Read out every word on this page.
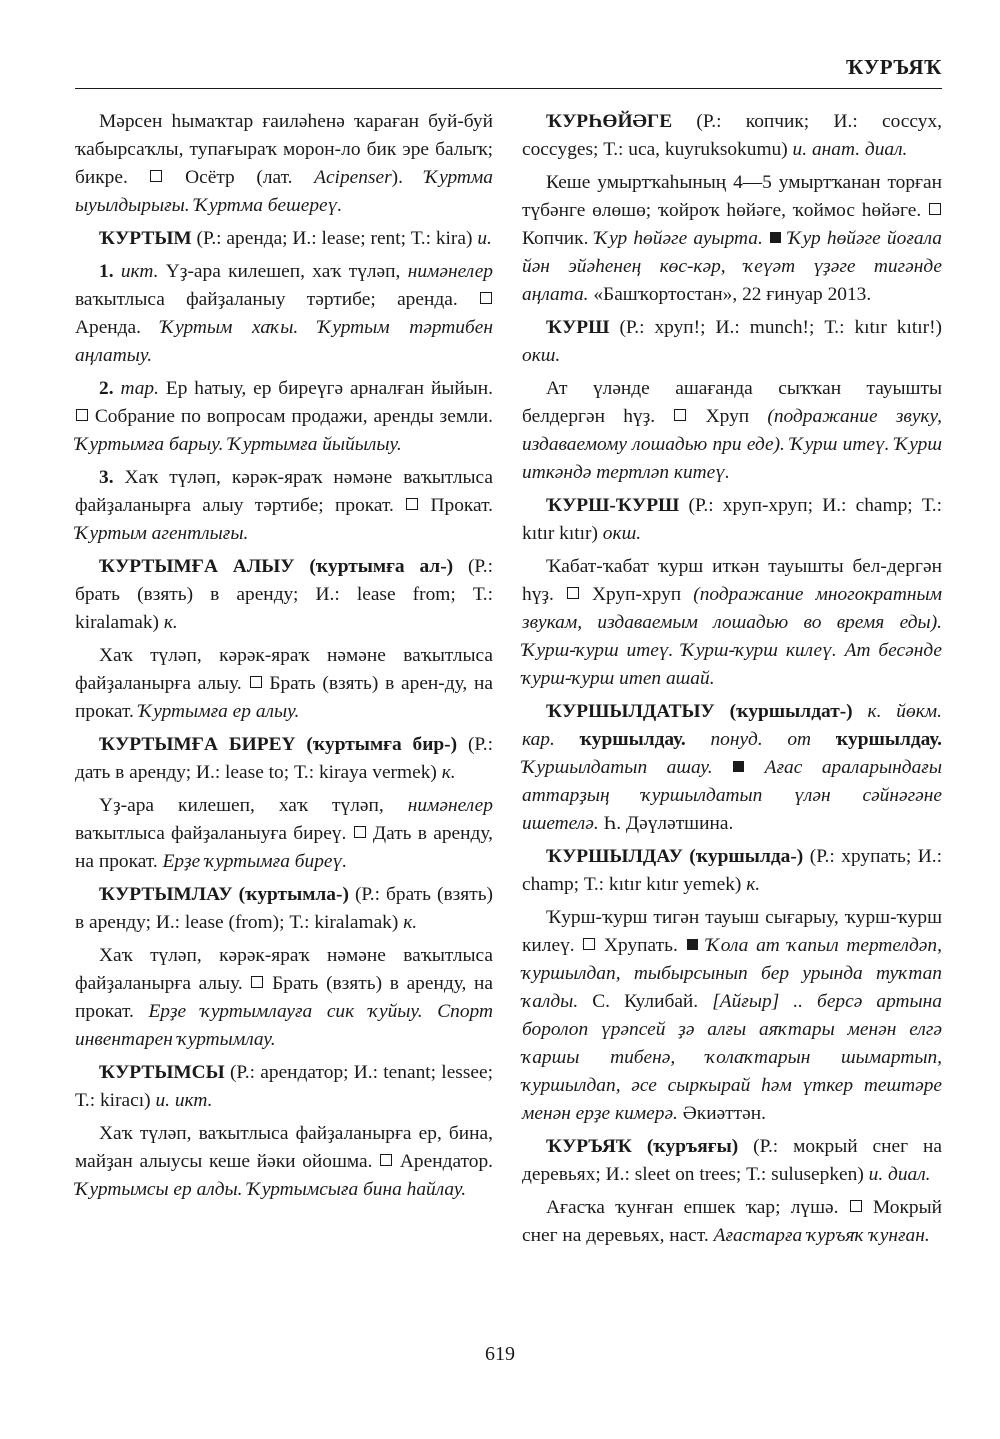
ҠУРЪЯҠ

Мәрсен һымаҡтар ғаиләһенә ҡараған буй-буй ҡабырсаҡлы, тупағыраҡ морон-ло бик эре балыҡ; бикре.	Осётр (лат. Acipenser). Ҡуртма ыуылдырығы. Ҡуртма бешереү.

ҠУРТЫМ (Р.: аренда; И.: lease; rent; Т.: kira) и.

1. икт. Үҙ-ара килешеп, хаҡ түләп, нимәнелер ваҡытлыса файҙаланыу тәртибе; аренда.  Аренда. Ҡуртым хаҡы. Ҡуртым тәртибен аңлатыу.

2. тар. Ер һатыу, ер биреүгә арналған йыйын.  Собрание по вопросам продажи, аренды земли. Ҡуртымға барыу. Ҡуртымға йыйылыу.

3. Хаҡ түләп, кәрәк-яраҡ нәмәне ваҡытлыса файҙаланырға алыу тәртибе; прокат. Прокат. Ҡуртым агентлығы.

ҠУРТЫМҒА АЛЫУ (ҡуртымға ал-) (Р.: брать (взять) в аренду; И.: lease from; Т.: kiralamak) к.

Хаҡ түләп, кәрәк-яраҡ нәмәне ваҡытлыса файҙаланырға алыу. Брать (взять) в арен-ду, на прокат. Ҡуртымға ер алыу.

ҠУРТЫМҒА БИРЕҮ (ҡуртымға бир-) (Р.: дать в аренду; И.: lease to; Т.: kiraya vermek) к.

Үҙ-ара килешеп, хаҡ түләп, нимәнелер ваҡытлыса файҙаланыуға биреү. Дать в аренду, на прокат. Ерҙе ҡуртымға биреү.

ҠУРТЫМЛАУ (ҡуртымла-) (Р.: брать (взять) в аренду; И.: lease (from); Т.: kiralamak) к.

Хаҡ түләп, кәрәк-яраҡ нәмәне ваҡытлыса файҙаланырға алыу. Брать (взять) в аренду, на прокат. Ерҙе ҡуртымлауға сик ҡуйыу. Спорт инвентарен ҡуртымлау.

ҠУРТЫМСЫ (Р.: арендатор; И.: tenant; lessee; Т.: kiracı) и. икт.

Хаҡ түләп, ваҡытлыса файҙаланырға ер, бина, майҙан алыусы кеше йәки ойошма. Арендатор. Ҡуртымсы ер алды. Ҡуртымсыға бина һайлау.

ҠУРҺӨЙӘГЕ (Р.: копчик; И.: соссух, coccyges; Т.: uca, kuyruksokumu) и. анат. диал.

Кеше умыртҡаһының 4—5 умыртҡанан торған түбәнге өлөшө; ҡойроҡ һөйәге, ҡоймос һөйәге.  Копчик. Ҡур һөйәге ауырта. Ҡур һөйәге йоғала йән эйәһенең көс-кәр, ҡеүәт үҙәге тигәнде аңлата. «Башҡортостан», 22 ғинуар 2013.

ҠУРШ (Р.: хруп!; И.: munch!; Т.: kıtır kıtır!) окш.

Ат үләнде ашағанда сыҡҡан тауышты белдергән һүҙ.	Хруп (подражание звуку, издаваемому лошадью при еде). Ҡурш итеү. Ҡурш иткәндә тертләп китеү.

ҠУРШ-ҠУРШ (Р.: хруп-хруп; И.: champ; Т.: kıtır kıtır) окш.

Ҡабат-ҡабат ҡурш иткән тауышты бел-дергән һүҙ. Хруп-хруп (подражание многократным звукам, издаваемым лошадью во время еды). Ҡурш-ҡурш итеү. Ҡурш-ҡурш килеү. Ат бесәнде ҡурш-ҡурш итеп ашай.

ҠУРШЫЛДАТЫУ (ҡуршылдат-) к. йөкм. кар. ҡуршылдау. понуд. от ҡуршылдау. Ҡуршылдатып ашау.	Ағас араларындағы аттарҙың ҡуршылдатып үлән сәйнәгәне ишетелә. Һ. Дәүләтшина.

ҠУРШЫЛДАУ (ҡуршылда-) (Р.: хрупать; И.: champ; Т.: kıtır kıtır yemek) к.

Ҡурш-ҡурш тигән тауыш сығарыу, ҡурш-ҡурш килеү. Хрупать. Ҡола ат ҡапыл тертелдәп, ҡуршылдап, тыбырсынып бер урында туҡтап ҡалды. С. Кулибай. [Айғыр] .. берсә артына боролоп үрәпсей ҙә алғы аяҡтары менән елгә ҡаршы тибенә, ҡолаҡтарын шымартып, ҡуршылдап, әсе сыркырай һәм үткер тештәре менән ерҙе кимерә. Әкиәттән.

ҠУРЪЯҠ (ҡуръяғы) (Р.: мокрый снег на деревьях; И.: sleet on trees; Т.: sulusepken) и. диал.

Ағасҡа ҡунған епшек ҡар; лүшә. Мокрый снег на деревьях, наст. Ағастарға ҡуръяҡ ҡунған.

619
